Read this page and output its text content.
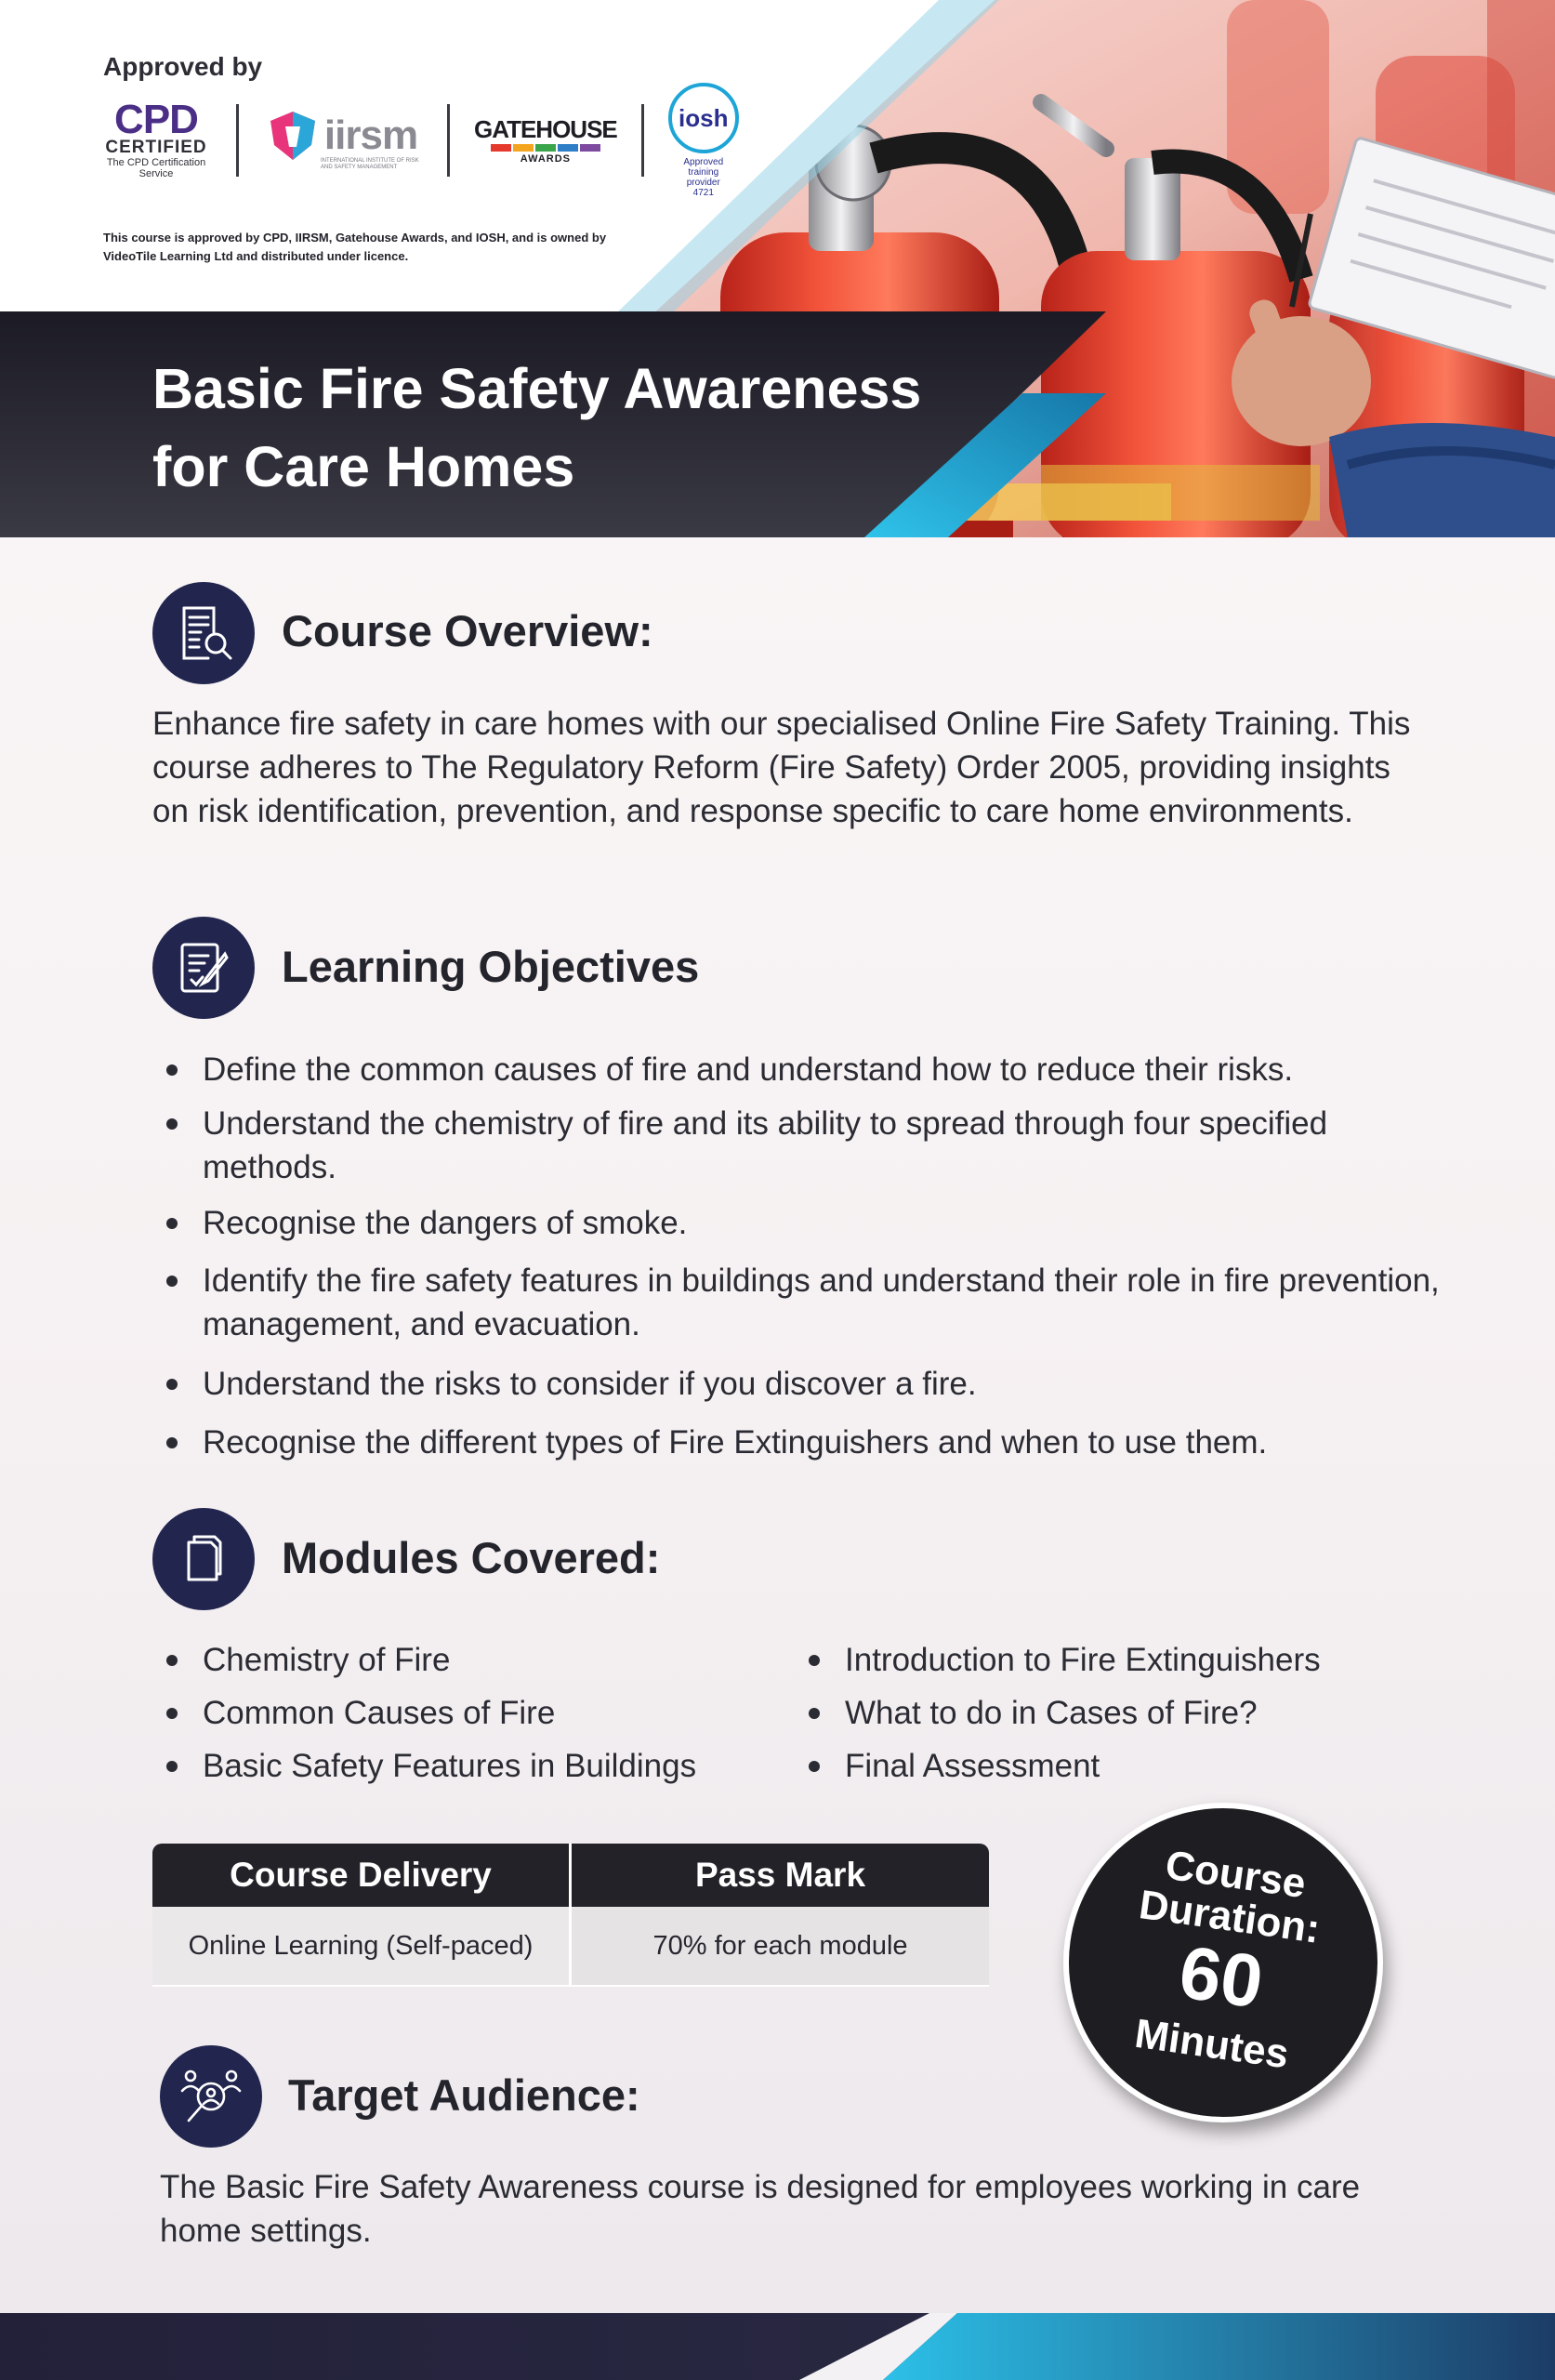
Approved by
CPD
CERTIFIED
The CPD Certification Service
iirsm
INTERNATIONAL INSTITUTE OF RISK AND SAFETY MANAGEMENT
GATEHOUSE
AWARDS
iosh
Approved training provider 4721
This course is approved by CPD, IIRSM, Gatehouse Awards, and IOSH, and is owned by VideoTile Learning Ltd and distributed under licence.
Basic Fire Safety Awareness for Care Homes
Course Overview:

Enhance fire safety in care homes with our specialised Online Fire Safety Training. This course adheres to The Regulatory Reform (Fire Safety) Order 2005, providing insights on risk identification, prevention, and response specific to care home environments.

Learning Objectives
Define the common causes of fire and understand how to reduce their risks.
Understand the chemistry of fire and its ability to spread through four specified methods.
Recognise the dangers of smoke.
Identify the fire safety features in buildings and understand their role in fire prevention, management, and evacuation.
Understand the risks to consider if you discover a fire.
Recognise the different types of Fire Extinguishers and when to use them.
Modules Covered:
Chemistry of Fire
Common Causes of Fire
Basic Safety Features in Buildings
Introduction to Fire Extinguishers
What to do in Cases of Fire?
Final Assessment
Course Delivery
Online Learning (Self-paced)
Pass Mark
70% for each module
Course Duration:
60
Minutes
Target Audience:

The Basic Fire Safety Awareness course is designed for employees working in care home settings.
